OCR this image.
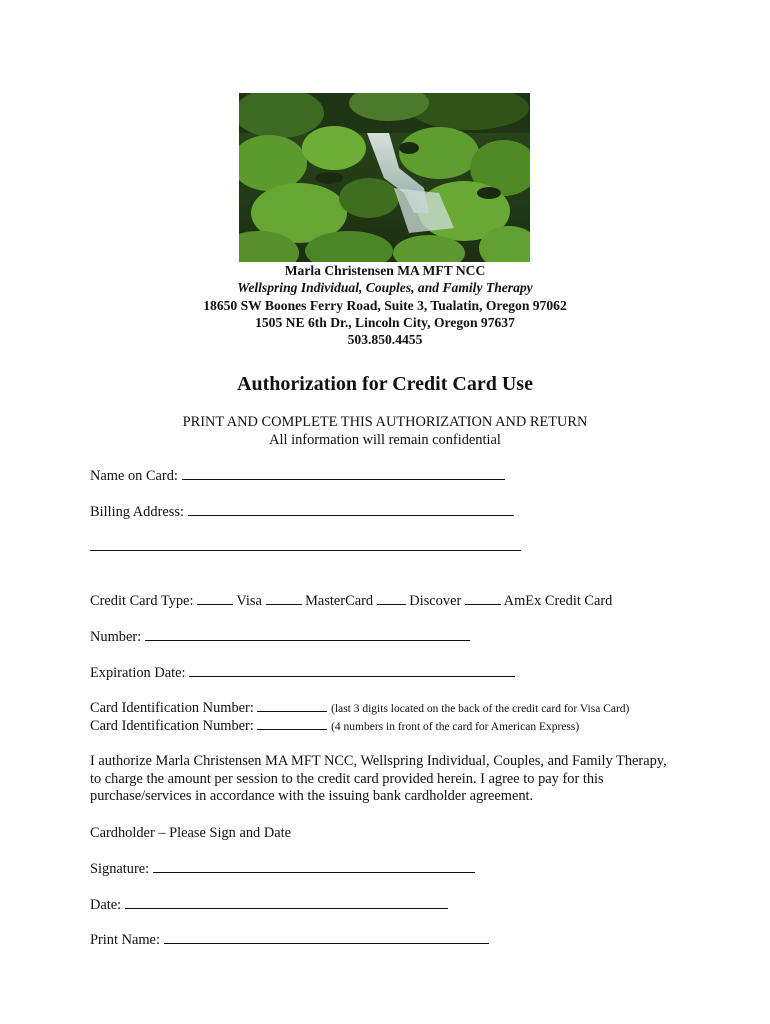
Marla Christensen MA MFT NCC
Wellspring Individual, Couples, and Family Therapy
18650 SW Boones Ferry Road, Suite 3, Tualatin, Oregon 97062
1505 NE 6th Dr., Lincoln City, Oregon 97637
503.850.4455
Authorization for Credit Card Use
PRINT AND COMPLETE THIS AUTHORIZATION AND RETURN
All information will remain confidential
Name on Card:
Billing Address:
Credit Card Type:	Visa	MasterCard	Discover	AmEx Credit Card
Number:
Expiration Date:
Card Identification Number:	(last 3 digits located on the back of the credit card for Visa Card)
Card Identification Number:	(4 numbers in front of the card for American Express)
I authorize Marla Christensen MA MFT NCC, Wellspring Individual, Couples, and Family Therapy, to charge the amount per session to the credit card provided herein. I agree to pay for this purchase/services in accordance with the issuing bank cardholder agreement.
Cardholder – Please Sign and Date
Signature:
Date:
Print Name:
